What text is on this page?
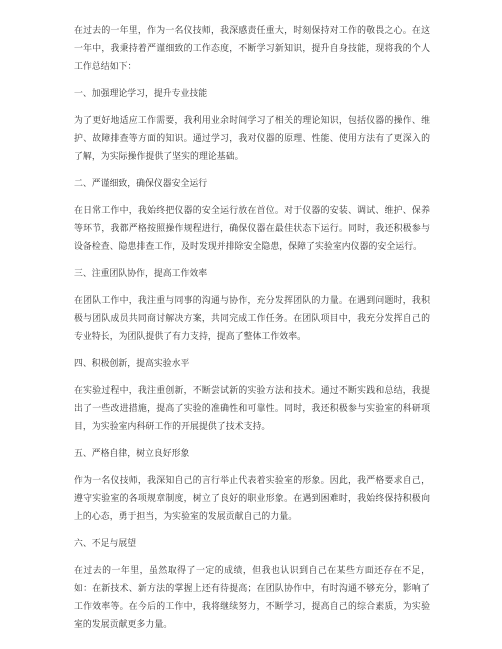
在过去的一年里，作为一名仪技师，我深感责任重大，时刻保持对工作的敬畏之心。在这一年中，我秉持着严谨细致的工作态度，不断学习新知识，提升自身技能，现将我的个人工作总结如下：

一、加强理论学习，提升专业技能

为了更好地适应工作需要，我利用业余时间学习了相关的理论知识，包括仪器的操作、维护、故障排查等方面的知识。通过学习，我对仪器的原理、性能、使用方法有了更深入的了解，为实际操作提供了坚实的理论基础。

二、严谨细致，确保仪器安全运行

在日常工作中，我始终把仪器的安全运行放在首位。对于仪器的安装、调试、维护、保养等环节，我都严格按照操作规程进行，确保仪器在最佳状态下运行。同时，我还积极参与设备检查、隐患排查工作，及时发现并排除安全隐患，保障了实验室内仪器的安全运行。

三、注重团队协作，提高工作效率

在团队工作中，我注重与同事的沟通与协作，充分发挥团队的力量。在遇到问题时，我积极与团队成员共同商讨解决方案，共同完成工作任务。在团队项目中，我充分发挥自己的专业特长，为团队提供了有力支持，提高了整体工作效率。

四、积极创新，提高实验水平

在实验过程中，我注重创新，不断尝试新的实验方法和技术。通过不断实践和总结，我提出了一些改进措施，提高了实验的准确性和可靠性。同时，我还积极参与实验室的科研项目，为实验室内科研工作的开展提供了技术支持。

五、严格自律，树立良好形象

作为一名仪技师，我深知自己的言行举止代表着实验室的形象。因此，我严格要求自己，遵守实验室的各项规章制度，树立了良好的职业形象。在遇到困难时，我始终保持积极向上的心态，勇于担当，为实验室的发展贡献自己的力量。

六、不足与展望

在过去的一年里，虽然取得了一定的成绩，但我也认识到自己在某些方面还存在不足，如：在新技术、新方法的掌握上还有待提高；在团队协作中，有时沟通不够充分，影响了工作效率等。在今后的工作中，我将继续努力，不断学习，提高自己的综合素质，为实验室的发展贡献更多力量。
